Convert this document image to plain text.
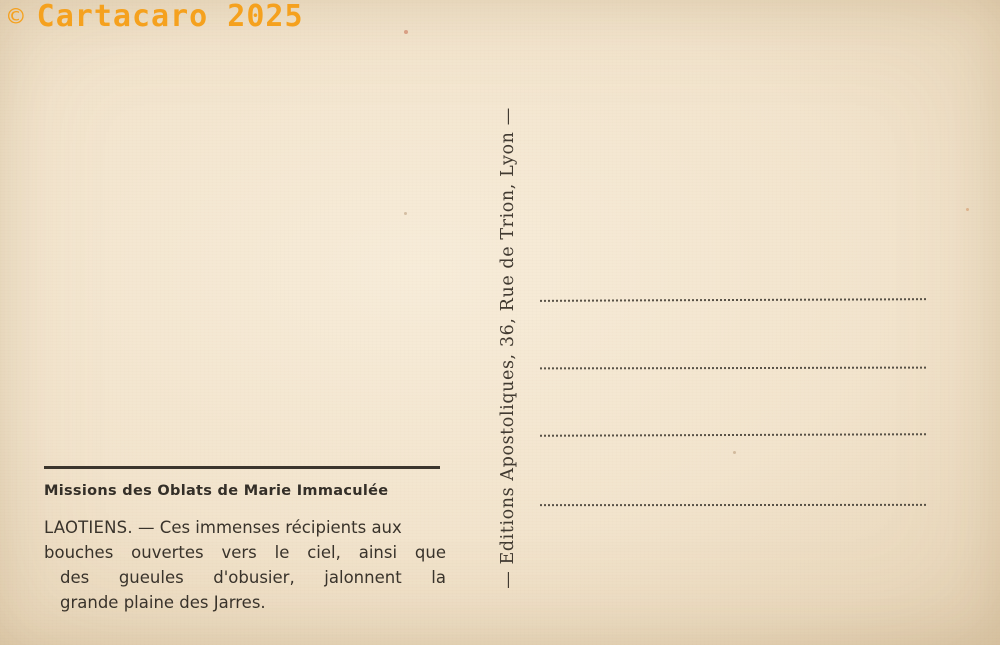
© Cartacaro 2025
— Editions Apostoliques, 36, Rue de Trion, Lyon —
Missions des Oblats de Marie Immaculée
LAOTIENS. — Ces immenses récipients aux
bouches ouvertes vers le ciel, ainsi que
des gueules d'obusier, jalonnent la
grande plaine des Jarres.
